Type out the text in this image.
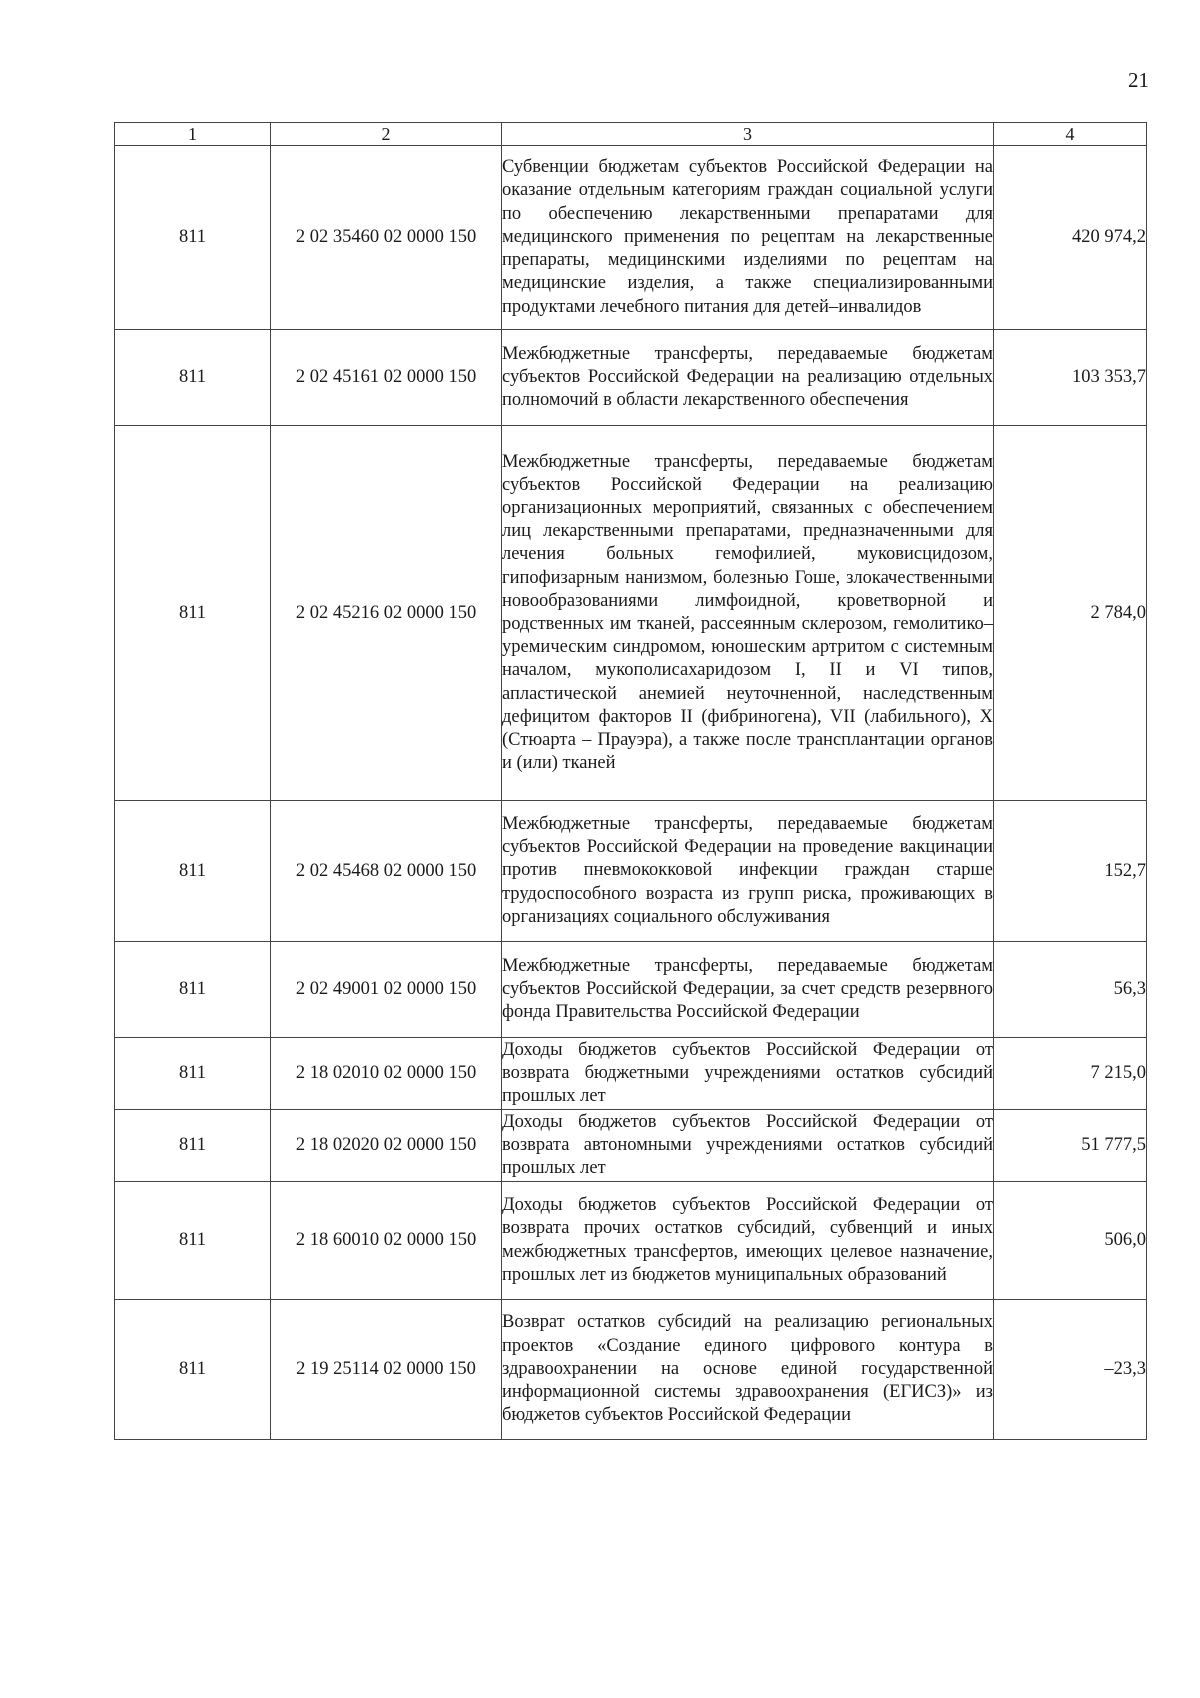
21
1	2	3	4
811	2 02 35460 02 0000 150	Субвенции бюджетам субъектов Российской Федерации на оказание отдельным категориям граждан социальной услуги по обеспечению лекарственными препаратами для медицинского применения по рецептам на лекарственные препараты, медицинскими изделиями по рецептам на медицинские изделия, а также специализированными продуктами лечебного питания для детей–инвалидов	420 974,2
811	2 02 45161 02 0000 150	Межбюджетные трансферты, передаваемые бюджетам субъектов Российской Федерации на реализацию отдельных полномочий в области лекарственного обеспечения	103 353,7
811	2 02 45216 02 0000 150	Межбюджетные трансферты, передаваемые бюджетам субъектов Российской Федерации на реализацию организационных мероприятий, связанных с обеспечением лиц лекарственными препаратами, предназначенными для лечения больных гемофилией, муковисцидозом, гипофизарным нанизмом, болезнью Гоше, злокачественными новообразованиями лимфоидной, кроветворной и родственных им тканей, рассеянным склерозом, гемолитико–уремическим синдромом, юношеским артритом с системным началом, мукополисахаридозом I, II и VI типов, апластической анемией неуточненной, наследственным дефицитом факторов II (фибриногена), VII (лабильного), X (Стюарта – Прауэра), а также после трансплантации органов и (или) тканей	2 784,0
811	2 02 45468 02 0000 150	Межбюджетные трансферты, передаваемые бюджетам субъектов Российской Федерации на проведение вакцинации против пневмококковой инфекции граждан старше трудоспособного возраста из групп риска, проживающих в организациях социального обслуживания	152,7
811	2 02 49001 02 0000 150	Межбюджетные трансферты, передаваемые бюджетам субъектов Российской Федерации, за счет средств резервного фонда Правительства Российской Федерации	56,3
811	2 18 02010 02 0000 150	Доходы бюджетов субъектов Российской Федерации от возврата бюджетными учреждениями остатков субсидий прошлых лет	7 215,0
811	2 18 02020 02 0000 150	Доходы бюджетов субъектов Российской Федерации от возврата автономными учреждениями остатков субсидий прошлых лет	51 777,5
811	2 18 60010 02 0000 150	Доходы бюджетов субъектов Российской Федерации от возврата прочих остатков субсидий, субвенций и иных межбюджетных трансфертов, имеющих целевое назначение, прошлых лет из бюджетов муниципальных образований	506,0
811	2 19 25114 02 0000 150	Возврат остатков субсидий на реализацию региональных проектов «Создание единого цифрового контура в здравоохранении на основе единой государственной информационной системы здравоохранения (ЕГИСЗ)» из бюджетов субъектов Российской Федерации	–23,3
